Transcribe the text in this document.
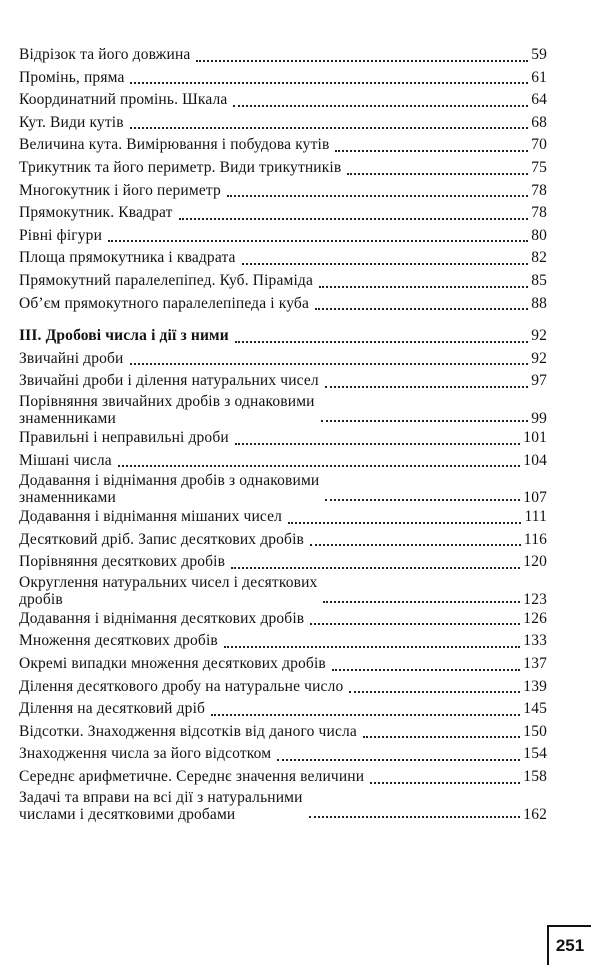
Відрізок та його довжина	59
Промінь, пряма	61
Координатний промінь. Шкала	64
Кут. Види кутів	68
Величина кута. Вимірювання і побудова кутів	70
Трикутник та його периметр. Види трикутників	75
Многокутник і його периметр	78
Прямокутник. Квадрат	78
Рівні фігури	80
Площа прямокутника і квадрата	82
Прямокутний паралелепіпед. Куб. Піраміда	85
Об’єм прямокутного паралелепіпеда і куба	88
III. Дробові числа і дії з ними	92
Звичайні дроби	92
Звичайні дроби і ділення натуральних чисел	97
Порівняння звичайних дробів з однаковими
знаменниками	99
Правильні і неправильні дроби	101
Мішані числа	104
Додавання і віднімання дробів з однаковими
знаменниками	107
Додавання і віднімання мішаних чисел	111
Десятковий дріб. Запис десяткових дробів	116
Порівняння десяткових дробів	120
Округлення натуральних чисел і десяткових
дробів	123
Додавання і віднімання десяткових дробів	126
Множення десяткових дробів	133
Окремі випадки множення десяткових дробів	137
Ділення десяткового дробу на натуральне число	139
Ділення на десятковий дріб	145
Відсотки. Знаходження відсотків від даного числа	150
Знаходження числа за його відсотком	154
Середнє арифметичне. Середнє значення величини	158
Задачі та вправи на всі дії з натуральними
числами і десятковими дробами	162
251
